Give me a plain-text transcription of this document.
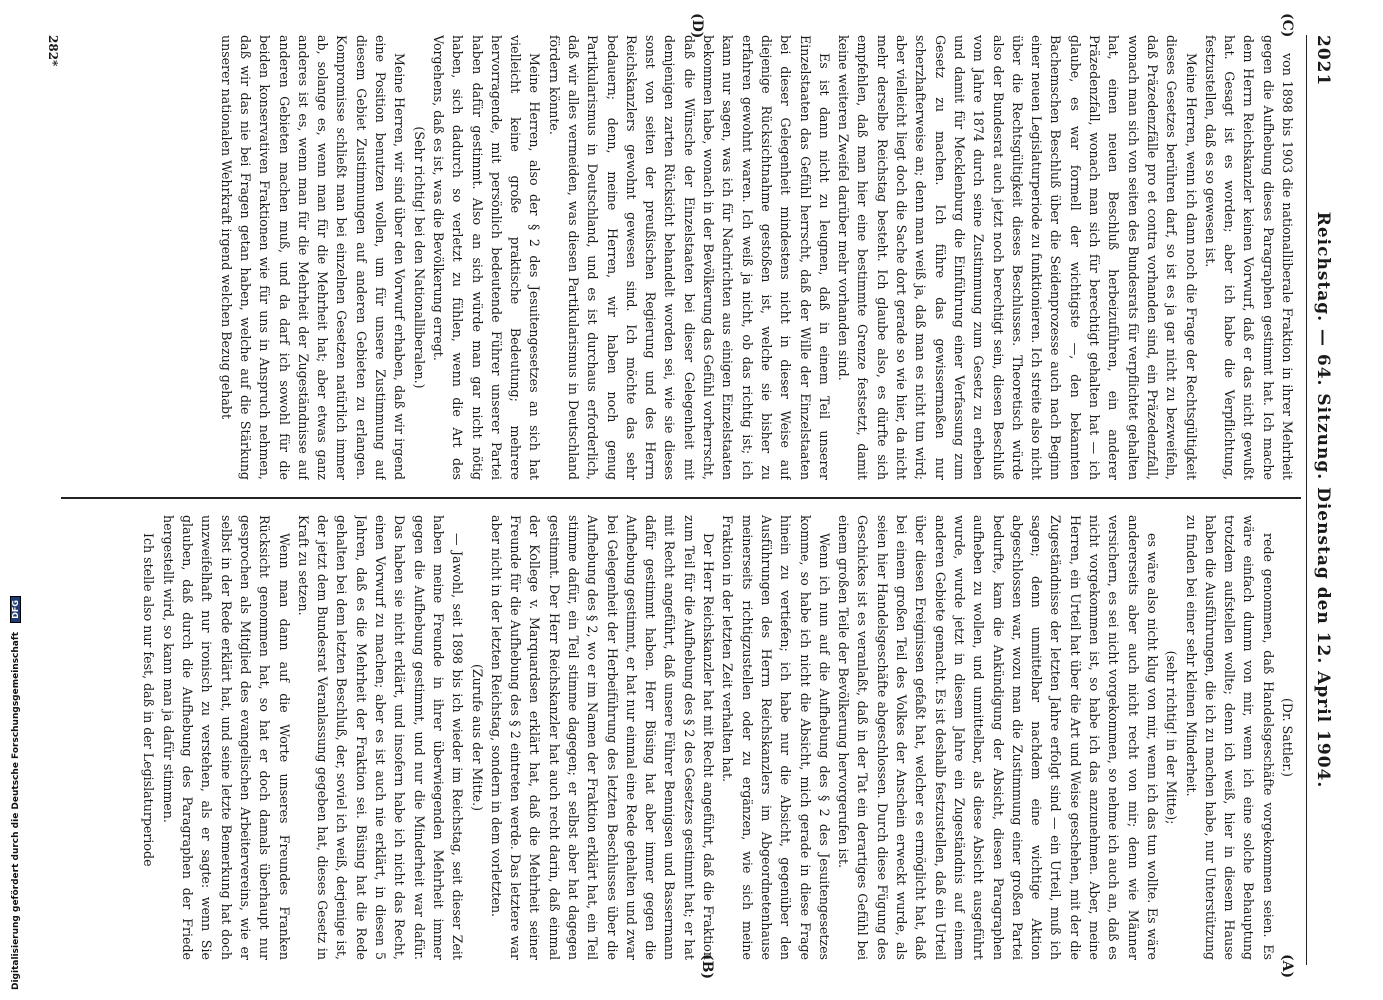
Digitalisierung gefördert durch die Deutsche Forschungsgemeinschaft DFG
2021
Reichstag. — 64. Sitzung. Dienstag den 12. April 1904.
(C)
(D)
(A)
(B)

von 1898 bis 1903 die nationalliberale Fraktion in ihrer Mehrheit gegen die Aufhebung dieses Paragraphen gestimmt hat. Ich mache dem Herrn Reichskanzler keinen Vorwurf, daß er das nicht gewußt hat. Gesagt ist es worden; aber ich habe die Verpflichtung, festzustellen, daß es so gewesen ist.

Meine Herren, wenn ich dann noch die Frage der Rechtsgültigkeit dieses Gesetzes berühren darf, so ist es ja gar nicht zu bezweifeln, daß Präzedenzfälle pro et contra vorhanden sind, ein Präzedenzfall, wonach man sich von seiten des Bundesrats für verpflichtet gehalten hat, einen neuen Beschluß herbeizuführen, ein anderer Präzedenzfall, wonach man sich für berechtigt gehalten hat — ich glaube, es war formell der wichtigste —, den bekannten Bachemschen Beschluß über die Seidenprozesse auch nach Beginn einer neuen Legislaturperiode zu funktionieren. Ich streite also nicht über die Rechtsgültigkeit dieses Beschlusses. Theoretisch würde also der Bundesrat auch jetzt noch berechtigt sein, diesen Beschluß vom Jahre 1874 durch seine Zustimmung zum Gesetz zu erheben und damit für Mecklenburg die Einführung einer Verfassung zum Gesetz zu machen. Ich führe das gewissermaßen nur scherzhafterweise an; denn man weiß ja, daß man es nicht tun wird; aber vielleicht liegt doch die Sache dort gerade so wie hier, da nicht mehr derselbe Reichstag besteht. Ich glaube also, es dürfte sich empfehlen, daß man hier eine bestimmte Grenze festsetzt, damit keine weiteren Zweifel darüber mehr vorhanden sind.

Es ist dann nicht zu leugnen, daß in einem Teil unserer Einzelstaaten das Gefühl herrscht, daß der Wille der Einzelstaaten bei dieser Gelegenheit mindestens nicht in dieser Weise auf diejenige Rücksichtnahme gestoßen ist, welche sie bisher zu erfahren gewohnt waren. Ich weiß ja nicht, ob das richtig ist; ich kann nur sagen, was ich für Nachrichten aus einigen Einzelstaaten bekommen habe, wonach in der Bevölkerung das Gefühl vorherrscht, daß die Wünsche der Einzelstaaten bei dieser Gelegenheit mit demjenigen zarten Rücksicht behandelt worden sei, wie sie dieses sonst von seiten der preußischen Regierung und des Herrn Reichskanzlers gewohnt gewesen sind. Ich möchte das sehr bedauern; denn, meine Herren, wir haben noch genug Partikularismus in Deutschland, und es ist durchaus erforderlich, daß wir alles vermeiden, was diesen Partikularismus in Deutschland fördern könnte.

Meine Herren, also der § 2 des Jesuitengesetzes an sich hat vielleicht keine große praktische Bedeutung; mehrere hervorragende, mit persönlich bedeutende Führer unserer Partei haben dafür gestimmt. Also an sich würde man gar nicht nötig haben, sich dadurch so verletzt zu fühlen, wenn die Art des Vorgehens, daß es ist, was die Bevölkerung erregt.

(Sehr richtig! bei den Nationalliberalen.)

Meine Herren, wir sind über den Vorwurf erhaben, daß wir irgend eine Position benutzen wollen, um für unsere Zustimmung auf diesem Gebiet Zustimmungen auf anderen Gebieten zu erlangen. Kompromisse schließt man bei einzelnen Gesetzen natürlich immer ab, solange es, wenn man für die Mehrheit hat; aber etwas ganz anderes ist es, wenn man für die Mehrheit der Zugeständnisse auf anderen Gebieten machen muß, und da darf ich sowohl für die beiden konservativen Fraktionen wie für uns in Anspruch nehmen, daß wir das nie bei Fragen getan haben, welche auf die Stärkung unserer nationalen Wehrkraft irgend welchen Bezug gehabt

(Dr. Sattler.)

rede genommen, daß Handelsgeschäfte vorgekommen seien. Es wäre einfach dumm von mir, wenn ich eine solche Behauptung trotzdem aufstellen wollte; denn ich weiß, hier in diesem Hause haben die Ausführungen, die ich zu machen habe, nur Unterstützung zu finden bei einer sehr kleinen Minderheit.

(sehr richtig! in der Mitte);

es wäre also nicht klug von mir, wenn ich das tun wollte. Es wäre andererseits aber auch nicht recht von mir; denn wie Männer versichern, es sei nicht vorgekommen, so nehme ich auch an, daß es nicht vorgekommen ist, so habe ich das anzunehmen. Aber, meine Herren, ein Urteil hat über die Art und Weise geschehen, mit der die Zugeständnisse der letzten Jahre erfolgt sind — ein Urteil, muß ich sagen; denn unmittelbar nachdem eine wichtige Aktion abgeschlossen war, wozu man die Zustimmung einer großen Partei bedurfte, kam die Ankündigung der Absicht, diesen Paragraphen aufheben zu wollen, und unmittelbar, als diese Absicht ausgeführt wurde, wurde jetzt in diesem Jahre ein Zugeständnis auf einem anderen Gebiete gemacht. Es ist deshalb festzustellen, daß ein Urteil über diesen Ereignissen gefaßt hat, welcher es ermöglicht hat, daß bei einem großen Teil des Volkes der Anschein erweckt wurde, als seien hier Handelsgeschäfte abgeschlossen. Durch diese Fügung des Geschickes ist es veranlaßt, daß in der Tat ein derartiges Gefühl bei einem großen Teile der Bevölkerung hervorgerufen ist.

Wenn ich nun auf die Aufhebung des § 2 des Jesuitengesetzes komme, so habe ich nicht die Absicht, mich gerade in diese Frage hinein zu vertiefen; ich habe nur die Absicht, gegenüber den Ausführungen des Herrn Reichskanzlers im Abgeordnetenhause meinerseits richtigzustellen oder zu ergänzen, wie sich meine Fraktion in der letzten Zeit verhalten hat.

Der Herr Reichskanzler hat mit Recht angeführt, daß die Fraktion zum Teil für die Aufhebung des § 2 des Gesetzes gestimmt hat; er hat mit Recht angeführt, daß unsere Führer Bennigsen und Bassermann dafür gestimmt haben. Herr Büsing hat aber immer gegen die Aufhebung gestimmt, er hat nur einmal eine Rede gehalten und zwar bei Gelegenheit der Herbeiführung des letzten Beschlusses über die Aufhebung des § 2, wo er im Namen der Fraktion erklärt hat, ein Teil stimme dafür, ein Teil stimme dagegen; er selbst aber hat dagegen gestimmt. Der Herr Reichskanzler hat auch recht darin, daß einmal der Kollege v. Marquardsen erklärt hat, daß die Mehrheit seiner Freunde für die Aufhebung des § 2 eintreten werde. Das letztere war aber nicht in der letzten Reichstag, sondern in dem vorletzten.

(Zurufe aus der Mitte.)

— Jawohl, seit 1898 bis ich wieder im Reichstag, seit dieser Zeit haben meine Freunde in ihrer überwiegenden Mehrheit immer gegen die Aufhebung gestimmt, und nur die Minderheit war dafür. Das haben sie nicht erklärt, und insofern habe ich nicht das Recht, einen Vorwurf zu machen; aber es ist auch nie erklärt, in diesen 5 Jahren, daß es die Mehrheit der Fraktion sei. Büsing hat die Rede gehalten bei dem letzten Beschluß, der, soviel ich weiß, derjenige ist, der jetzt dem Bundesrat Veranlassung gegeben hat, dieses Gesetz in Kraft zu setzen.

Wenn man dann auf die Worte unseres Freundes Franken Rücksicht genommen hat, so hat er doch damals überhaupt nur gesprochen als Mitglied des evangelischen Arbeitervereins, wie er selbst in der Rede erklärt hat, und seine letzte Bemerkung hat doch unzweifelhaft nur ironisch zu verstehen, als er sagte: wenn Sie glauben, daß durch die Aufhebung des Paragraphen der Friede hergestellt wird, so kann man ja dafür stimmen.

Ich stelle also nur fest, daß in der Legislaturperiode

282*
